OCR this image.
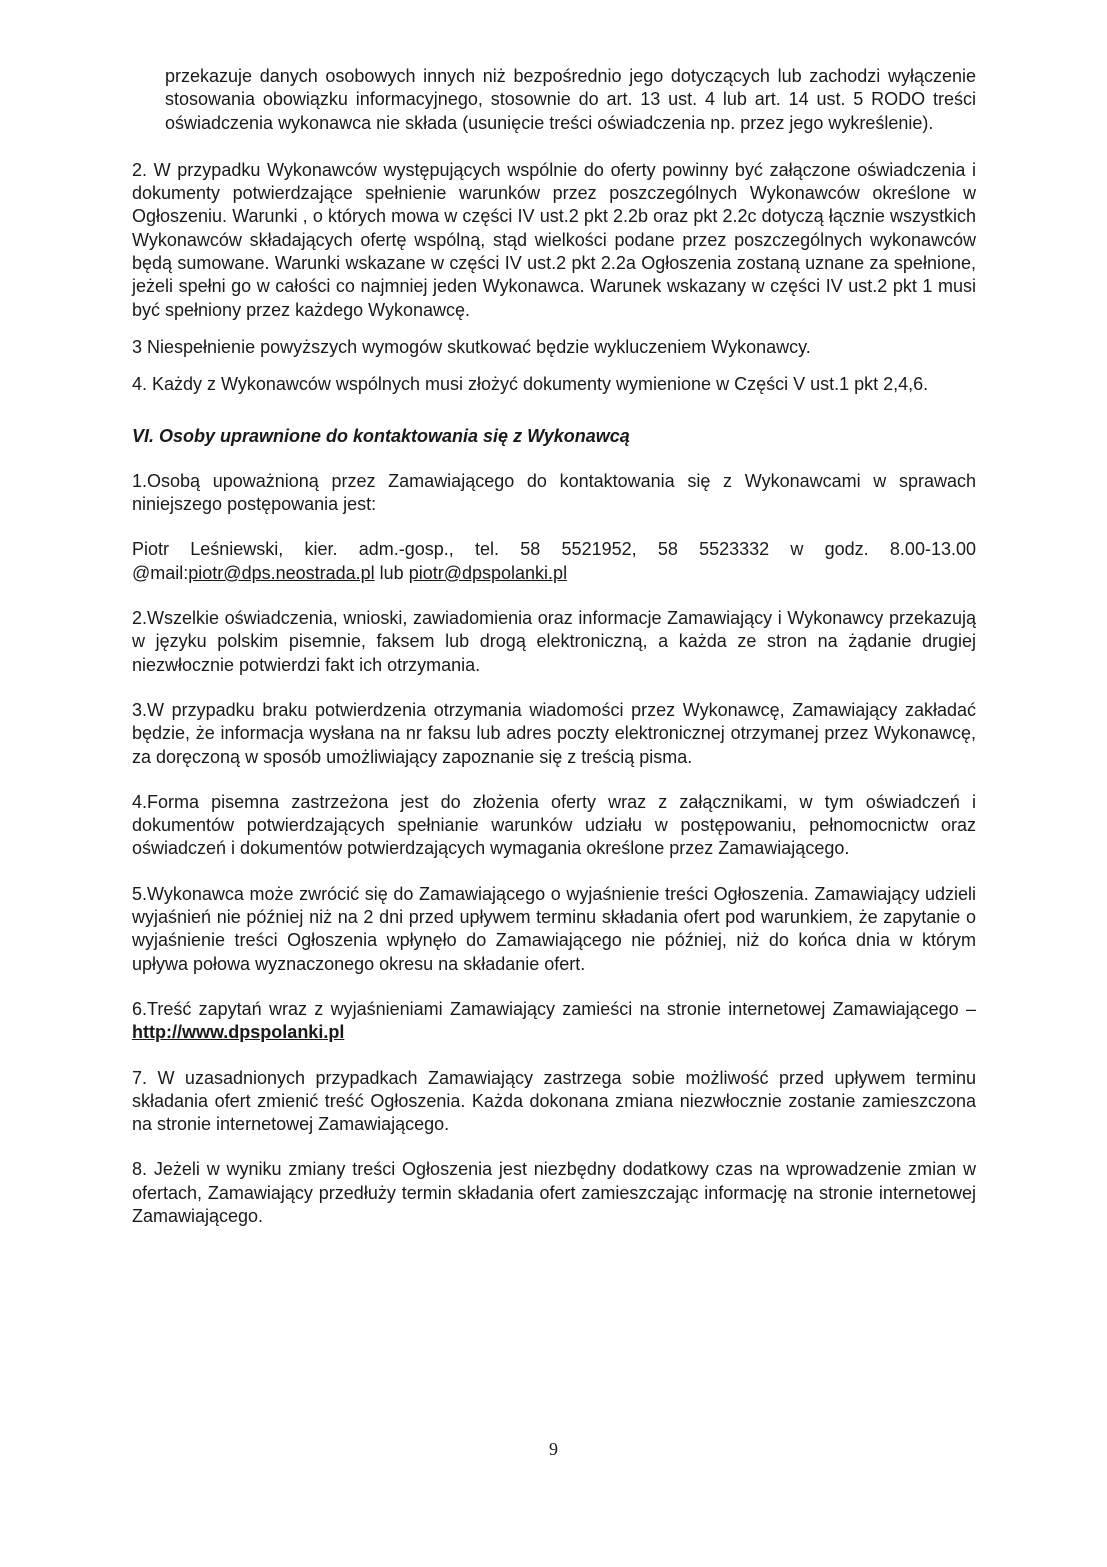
przekazuje danych osobowych innych niż bezpośrednio jego dotyczących lub zachodzi wyłączenie stosowania obowiązku informacyjnego, stosownie do art. 13 ust. 4 lub art. 14 ust. 5 RODO treści oświadczenia wykonawca nie składa (usunięcie treści oświadczenia np. przez jego wykreślenie).

2. W przypadku Wykonawców występujących wspólnie do oferty powinny być załączone oświadczenia i dokumenty potwierdzające spełnienie warunków przez poszczególnych Wykonawców określone w Ogłoszeniu. Warunki , o których mowa w części IV ust.2 pkt 2.2b oraz pkt 2.2c dotyczą łącznie wszystkich Wykonawców składających ofertę wspólną, stąd wielkości podane przez poszczególnych wykonawców będą sumowane. Warunki wskazane w części IV ust.2 pkt 2.2a Ogłoszenia zostaną uznane za spełnione, jeżeli spełni go w całości co najmniej jeden Wykonawca. Warunek wskazany w części IV ust.2 pkt 1 musi być spełniony przez każdego Wykonawcę.

3 Niespełnienie powyższych wymogów skutkować będzie wykluczeniem Wykonawcy.

4. Każdy z Wykonawców wspólnych musi złożyć dokumenty wymienione w Części V ust.1 pkt 2,4,6.

VI. Osoby uprawnione do kontaktowania się z Wykonawcą

1.Osobą upoważnioną przez Zamawiającego do kontaktowania się z Wykonawcami w sprawach niniejszego postępowania jest:

Piotr Leśniewski, kier. adm.-gosp., tel. 58 5521952, 58 5523332 w godz. 8.00-13.00 @mail:piotr@dps.neostrada.pl lub piotr@dpspolanki.pl

2.Wszelkie oświadczenia, wnioski, zawiadomienia oraz informacje Zamawiający i Wykonawcy przekazują w języku polskim pisemnie, faksem lub drogą elektroniczną, a każda ze stron na żądanie drugiej niezwłocznie potwierdzi fakt ich otrzymania.

3.W przypadku braku potwierdzenia otrzymania wiadomości przez Wykonawcę, Zamawiający zakładać będzie, że informacja wysłana na nr faksu lub adres poczty elektronicznej otrzymanej przez Wykonawcę, za doręczoną w sposób umożliwiający zapoznanie się z treścią pisma.

4.Forma pisemna zastrzeżona jest do złożenia oferty wraz z załącznikami, w tym oświadczeń i dokumentów potwierdzających spełnianie warunków udziału w postępowaniu, pełnomocnictw oraz oświadczeń i dokumentów potwierdzających wymagania określone przez Zamawiającego.

5.Wykonawca może zwrócić się do Zamawiającego o wyjaśnienie treści Ogłoszenia. Zamawiający udzieli wyjaśnień nie później niż na 2 dni przed upływem terminu składania ofert pod warunkiem, że zapytanie o wyjaśnienie treści Ogłoszenia wpłynęło do Zamawiającego nie później, niż do końca dnia w którym upływa połowa wyznaczonego okresu na składanie ofert.

6.Treść zapytań wraz z wyjaśnieniami Zamawiający zamieści na stronie internetowej Zamawiającego – http://www.dpspolanki.pl

7. W uzasadnionych przypadkach Zamawiający zastrzega sobie możliwość przed upływem terminu składania ofert zmienić treść Ogłoszenia. Każda dokonana zmiana niezwłocznie zostanie zamieszczona na stronie internetowej Zamawiającego.

8. Jeżeli w wyniku zmiany treści Ogłoszenia jest niezbędny dodatkowy czas na wprowadzenie zmian w ofertach, Zamawiający przedłuży termin składania ofert zamieszczając informację na stronie internetowej Zamawiającego.

9
